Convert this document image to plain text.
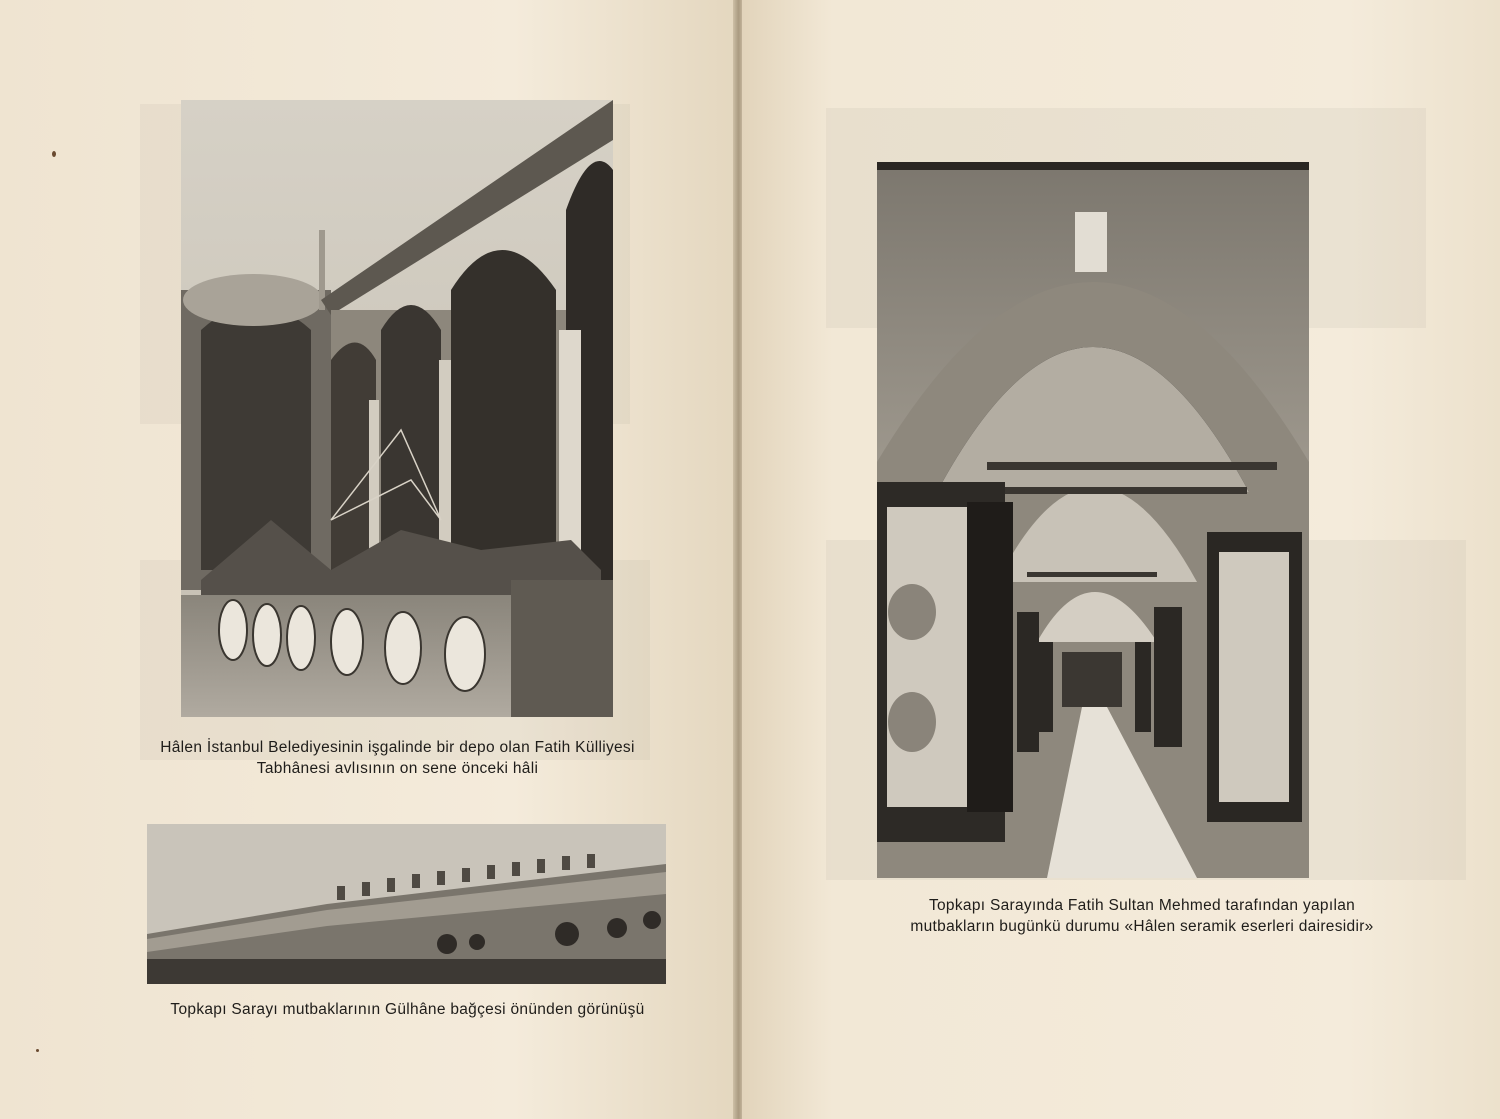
Hâlen İstanbul Belediyesinin işgalinde bir depo olan Fatih Külliyesi
Tabhânesi avlısının on sene önceki hâli
Topkapı Sarayı mutbaklarının Gülhâne bağçesi önünden görünüşü
Topkapı Sarayında Fatih Sultan Mehmed tarafından yapılan
mutbakların bugünkü durumu «Hâlen seramik eserleri dairesidir»
